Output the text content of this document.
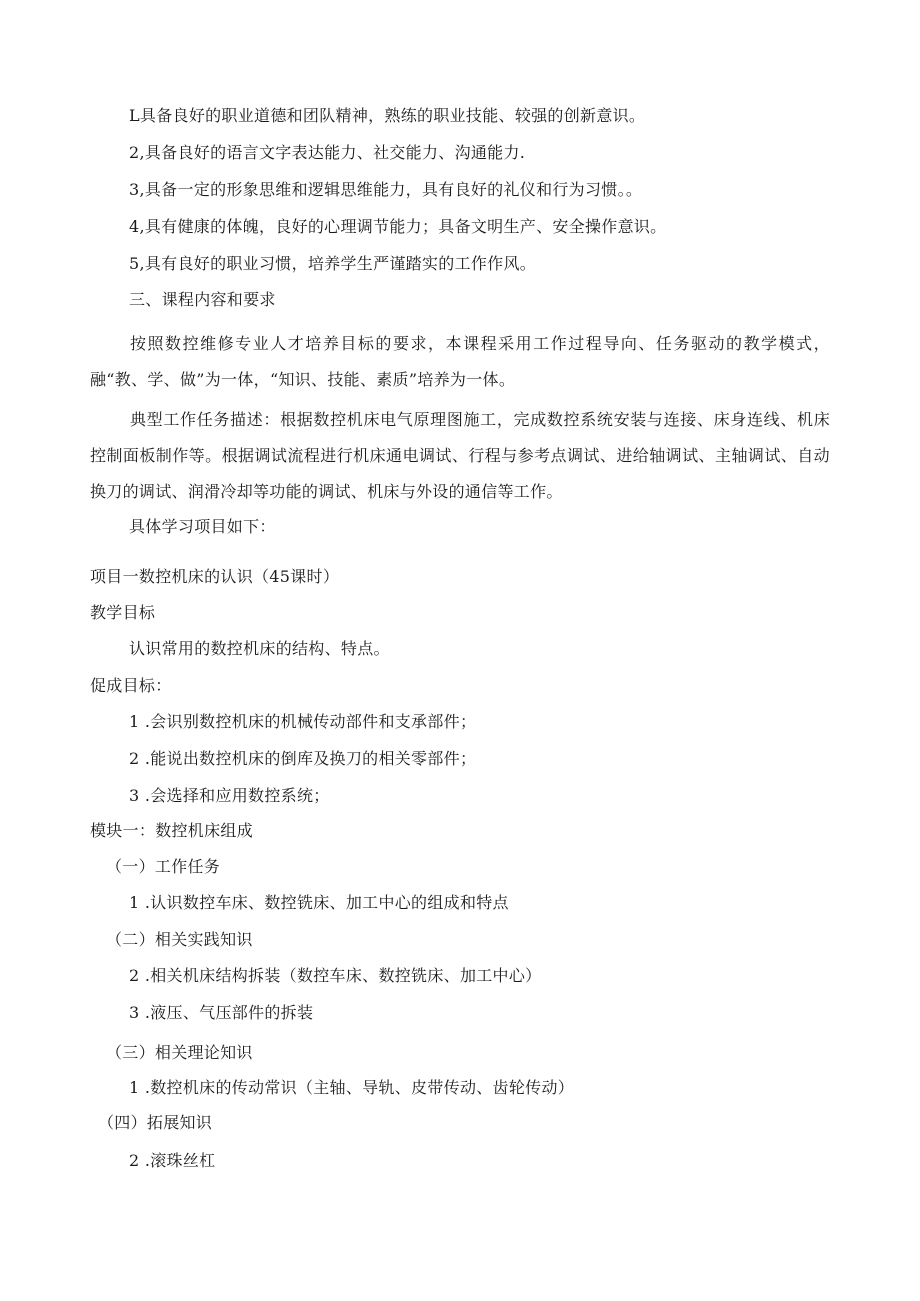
L具备良好的职业道德和团队精神，熟练的职业技能、较强的创新意识。
2,具备良好的语言文字表达能力、社交能力、沟通能力.
3,具备一定的形象思维和逻辑思维能力，具有良好的礼仪和行为习惯。。
4,具有健康的体魄，良好的心理调节能力；具备文明生产、安全操作意识。
5,具有良好的职业习惯，培养学生严谨踏实的工作作风。
三、课程内容和要求
按照数控维修专业人才培养目标的要求，本课程采用工作过程导向、任务驱动的教学模式，融“教、学、做”为一体，“知识、技能、素质”培养为一体。
典型工作任务描述：根据数控机床电气原理图施工，完成数控系统安装与连接、床身连线、机床控制面板制作等。根据调试流程进行机床通电调试、行程与参考点调试、进给轴调试、主轴调试、自动换刀的调试、润滑冷却等功能的调试、机床与外设的通信等工作。
具体学习项目如下：
项目一数控机床的认识（45课时）
教学目标
认识常用的数控机床的结构、特点。
促成目标：
1 .会识别数控机床的机械传动部件和支承部件；
2 .能说出数控机床的倒库及换刀的相关零部件；
3 .会选择和应用数控系统；
模块一：数控机床组成
（一）工作任务
1 .认识数控车床、数控铣床、加工中心的组成和特点
（二）相关实践知识
2 .相关机床结构拆装（数控车床、数控铣床、加工中心）
3 .液压、气压部件的拆装
（三）相关理论知识
1 .数控机床的传动常识（主轴、导轨、皮带传动、齿轮传动）
（四）拓展知识
2 .滚珠丝杠
